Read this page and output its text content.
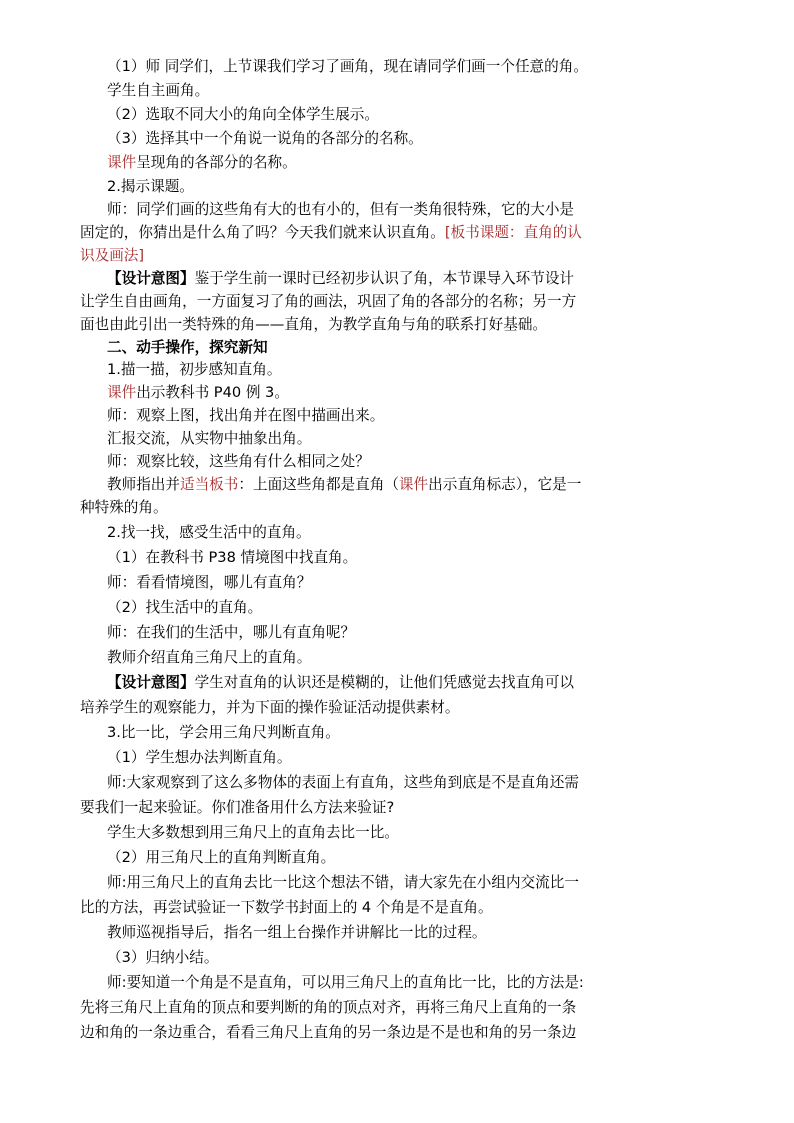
（1）师 同学们，上节课我们学习了画角，现在请同学们画一个任意的角。
学生自主画角。
（2）选取不同大小的角向全体学生展示。
（3）选择其中一个角说一说角的各部分的名称。
课件呈现角的各部分的名称。
2.揭示课题。
师：同学们画的这些角有大的也有小的，但有一类角很特殊，它的大小是
固定的，你猜出是什么角了吗？今天我们就来认识直角。[板书课题：直角的认
识及画法]
【设计意图】鉴于学生前一课时已经初步认识了角，本节课导入环节设计
让学生自由画角，一方面复习了角的画法，巩固了角的各部分的名称；另一方
面也由此引出一类特殊的角——直角，为教学直角与角的联系打好基础。
二、动手操作，探究新知
1.描一描，初步感知直角。
课件出示教科书 P40 例 3。
师：观察上图，找出角并在图中描画出来。
汇报交流，从实物中抽象出角。
师：观察比较，这些角有什么相同之处？
教师指出并适当板书：上面这些角都是直角（课件出示直角标志），它是一
种特殊的角。
2.找一找，感受生活中的直角。
（1）在教科书 P38 情境图中找直角。
师：看看情境图，哪儿有直角？
（2）找生活中的直角。
师：在我们的生活中，哪儿有直角呢？
教师介绍直角三角尺上的直角。
【设计意图】学生对直角的认识还是模糊的，让他们凭感觉去找直角可以
培养学生的观察能力，并为下面的操作验证活动提供素材。
3.比一比，学会用三角尺判断直角。
（1）学生想办法判断直角。
师:大家观察到了这么多物体的表面上有直角，这些角到底是不是直角还需
要我们一起来验证。你们准备用什么方法来验证?
学生大多数想到用三角尺上的直角去比一比。
（2）用三角尺上的直角判断直角。
师:用三角尺上的直角去比一比这个想法不错，请大家先在小组内交流比一
比的方法，再尝试验证一下数学书封面上的 4 个角是不是直角。
教师巡视指导后，指名一组上台操作并讲解比一比的过程。
（3）归纳小结。
师:要知道一个角是不是直角，可以用三角尺上的直角比一比，比的方法是:
先将三角尺上直角的顶点和要判断的角的顶点对齐，再将三角尺上直角的一条
边和角的一条边重合，看看三角尺上直角的另一条边是不是也和角的另一条边
